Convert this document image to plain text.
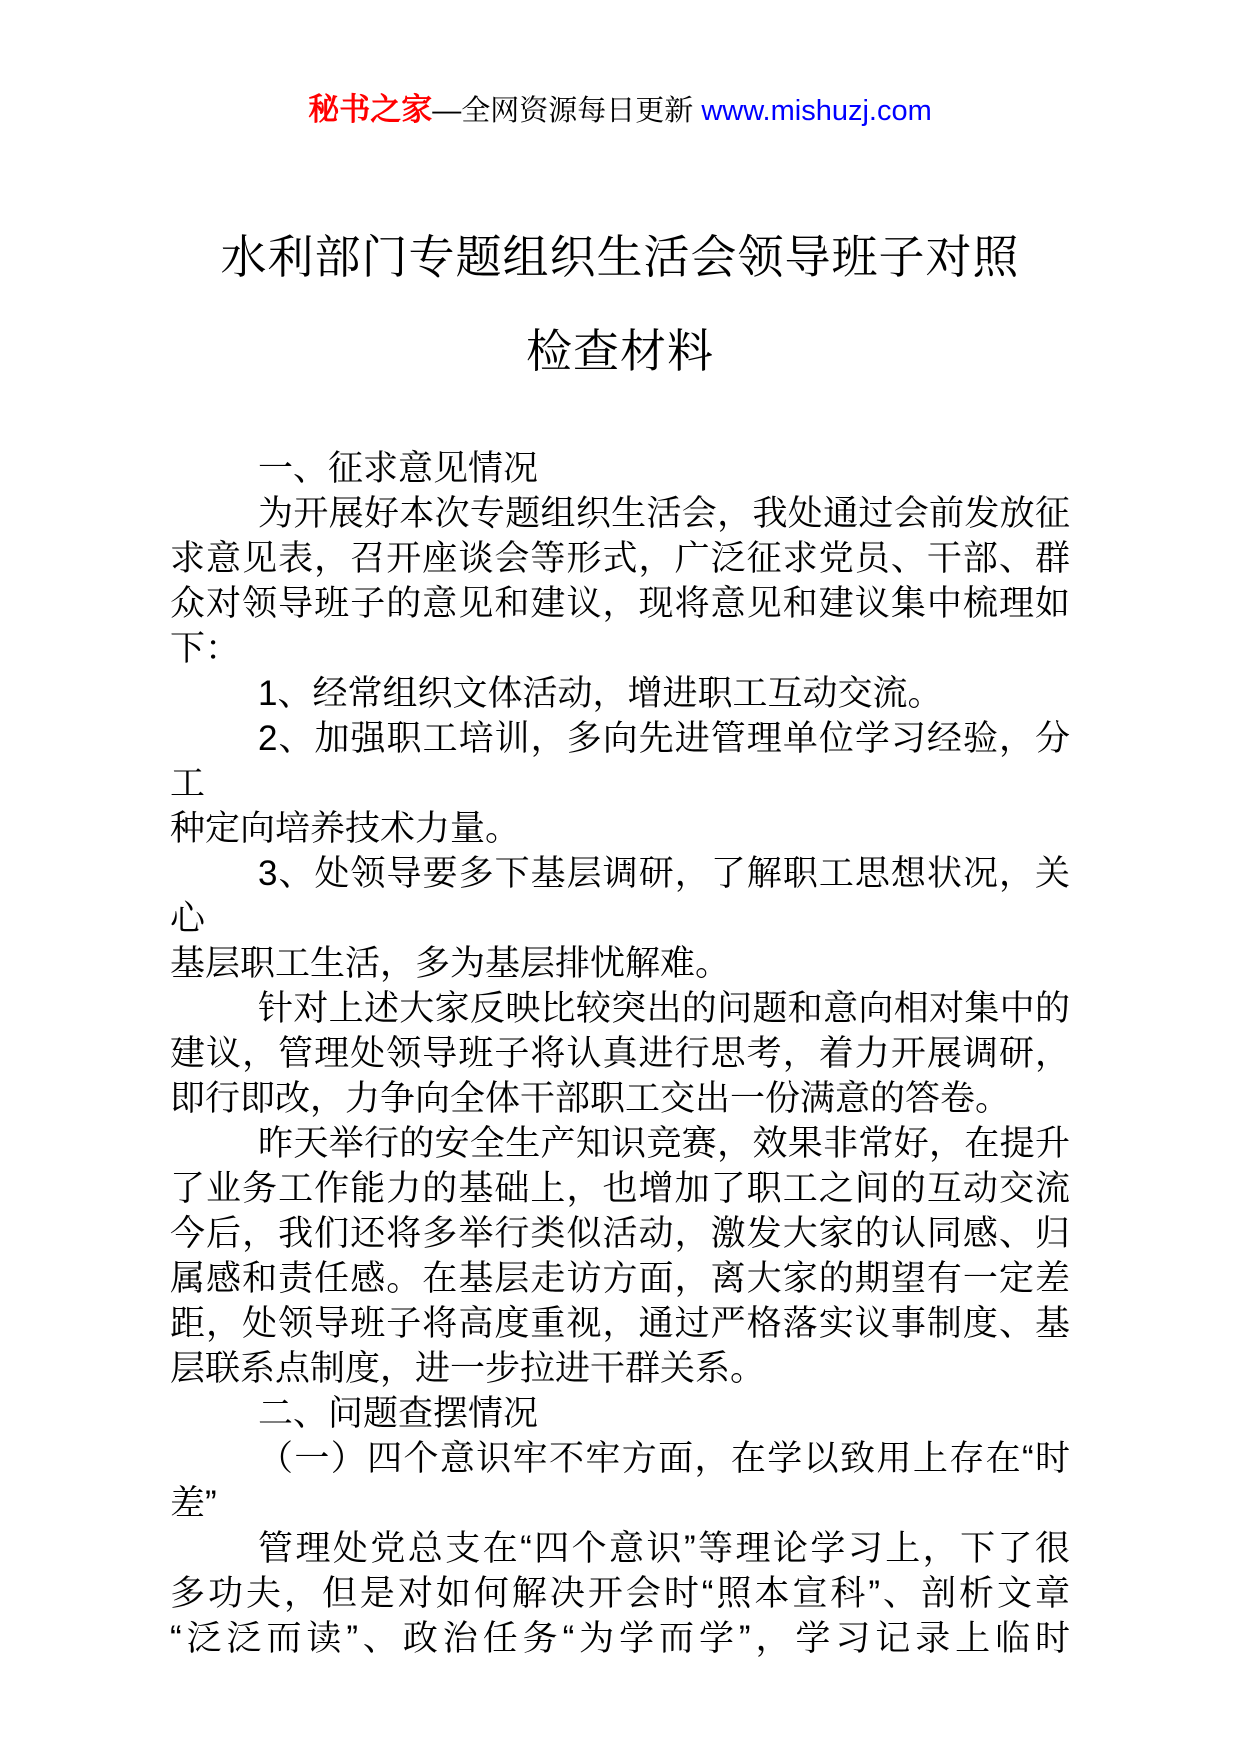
秘书之家—全网资源每日更新 www.mishuzj.com
水利部门专题组织生活会领导班子对照
检查材料
一、征求意见情况
为开展好本次专题组织生活会，我处通过会前发放征
求意见表，召开座谈会等形式，广泛征求党员、干部、群
众对领导班子的意见和建议，现将意见和建议集中梳理如
下：
1、经常组织文体活动，增进职工互动交流。
2、加强职工培训，多向先进管理单位学习经验，分工
种定向培养技术力量。
3、处领导要多下基层调研，了解职工思想状况，关心
基层职工生活，多为基层排忧解难。
针对上述大家反映比较突出的问题和意向相对集中的
建议，管理处领导班子将认真进行思考，着力开展调研，
即行即改，力争向全体干部职工交出一份满意的答卷。
昨天举行的安全生产知识竞赛，效果非常好，在提升
了业务工作能力的基础上，也增加了职工之间的互动交流
今后，我们还将多举行类似活动，激发大家的认同感、归
属感和责任感。在基层走访方面，离大家的期望有一定差
距，处领导班子将高度重视，通过严格落实议事制度、基
层联系点制度，进一步拉进干群关系。
二、问题查摆情况
（一）四个意识牢不牢方面，在学以致用上存在“时
差”
管理处党总支在“四个意识”等理论学习上，下了很
多功夫，但是对如何解决开会时“照本宣科”、剖析文章
“泛泛而读”、政治任务“为学而学”，学习记录上临时
